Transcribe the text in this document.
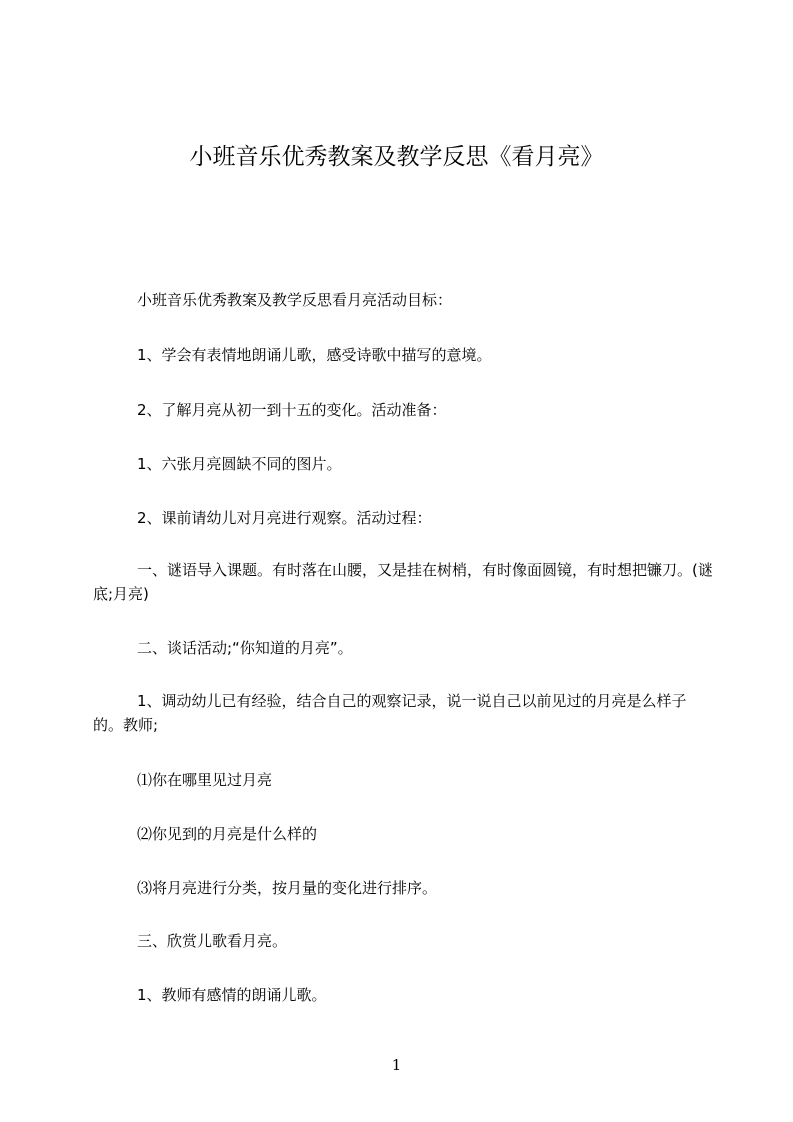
小班音乐优秀教案及教学反思《看月亮》
小班音乐优秀教案及教学反思看月亮活动目标：
1、学会有表情地朗诵儿歌，感受诗歌中描写的意境。
2、了解月亮从初一到十五的变化。活动准备：
1、六张月亮圆缺不同的图片。
2、课前请幼儿对月亮进行观察。活动过程：
一、谜语导入课题。有时落在山腰，又是挂在树梢，有时像面圆镜，有时想把镰刀。(谜底;月亮)
二、谈话活动;“你知道的月亮”。
1、调动幼儿已有经验，结合自己的观察记录，说一说自己以前见过的月亮是么样子的。教师;
⑴你在哪里见过月亮
⑵你见到的月亮是什么样的
⑶将月亮进行分类，按月量的变化进行排序。
三、欣赏儿歌看月亮。
1、教师有感情的朗诵儿歌。
1
